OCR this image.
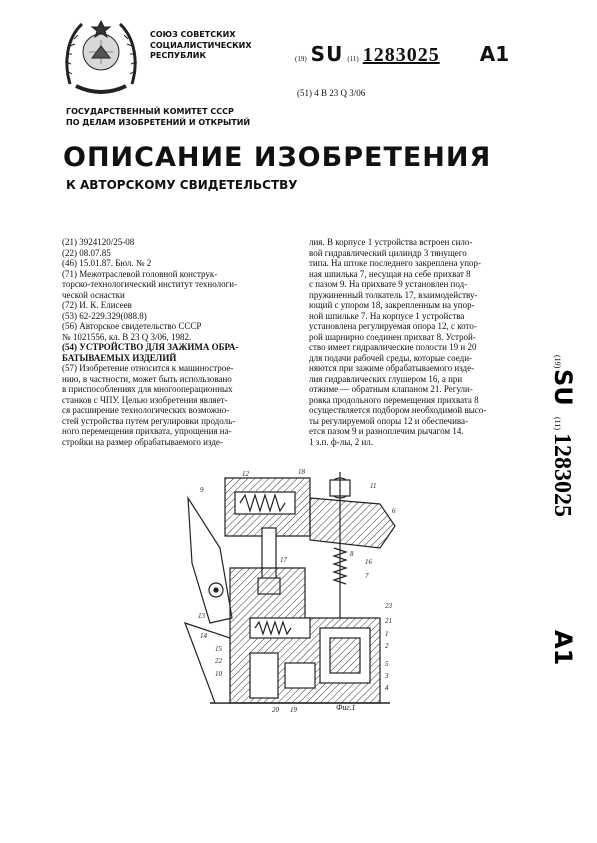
СОЮЗ СОВЕТСКИХ
СОЦИАЛИСТИЧЕСКИХ
РЕСПУБЛИК	(19) SU (11) 1283025 A1
(51) 4 B 23 Q 3/06
ГОСУДАРСТВЕННЫЙ КОМИТЕТ СССР
ПО ДЕЛАМ ИЗОБРЕТЕНИЙ И ОТКРЫТИЙ
ОПИСАНИЕ ИЗОБРЕТЕНИЯ
К АВТОРСКОМУ СВИДЕТЕЛЬСТВУ

(21) 3924120/25-08

(22) 08.07.85

(46) 15.01.87. Бюл. № 2

(71) Межотраслевой головной конструк-

торско-технологический институт технологи-

ческой оснастки

(72) И. К. Елисеев

(53) 62-229.329(088.8)

(56) Авторское свидетельство СССР

№ 1021556, кл. В 23 Q 3/06, 1982.

(54) УСТРОЙСТВО ДЛЯ ЗАЖИМА ОБРА-

БАТЫВАЕМЫХ ИЗДЕЛИЙ

(57) Изобретение относится к машинострое-

нию, в частности, может быть использовано

в приспособлениях для многооперационных

станков с ЧПУ. Целью изобретения являет-

ся расширение технологических возможно-

стей устройства путем регулировки продоль-

ного перемещения прихвата, упрощения на-

стройки на размер обрабатываемого изде-

лия. В корпусе 1 устройства встроен сило-

вой гидравлический цилиндр 3 тянущего

типа. На штоке последнего закреплена упор-

ная шпилька 7, несущая на себе прихват 8

с пазом 9. На прихвате 9 установлен под-

пружиненный толкатель 17, взаимодейству-

ющий с упором 18, закрепленным на упор-

ной шпильке 7. На корпусе 1 устройства

установлена регулируемая опора 12, с кото-

рой шарнирно соединен прихват 8. Устрой-

ство имеет гидравлические полости 19 и 20

для подачи рабочей среды, которые соеди-

няются при зажиме обрабатываемого изде-

лия гидравлических глушером 16, а при

отжиме — обратным клапаном 21. Регули-

ровка продольного перемещения прихвата 8

осуществляется подбором необходимой высо-

ты регулируемой опоры 12 и обеспечива-

ется пазом 9 и разноплечим рычагом 14.

1 з.п. ф-лы, 2 ил.

(19)
SU
(11)
1283025
A1
11
12	18
9
6
17
8
16
7
13
14
23
21
1
2
5
3
4
19
20
22
15
10
Фиг.1
